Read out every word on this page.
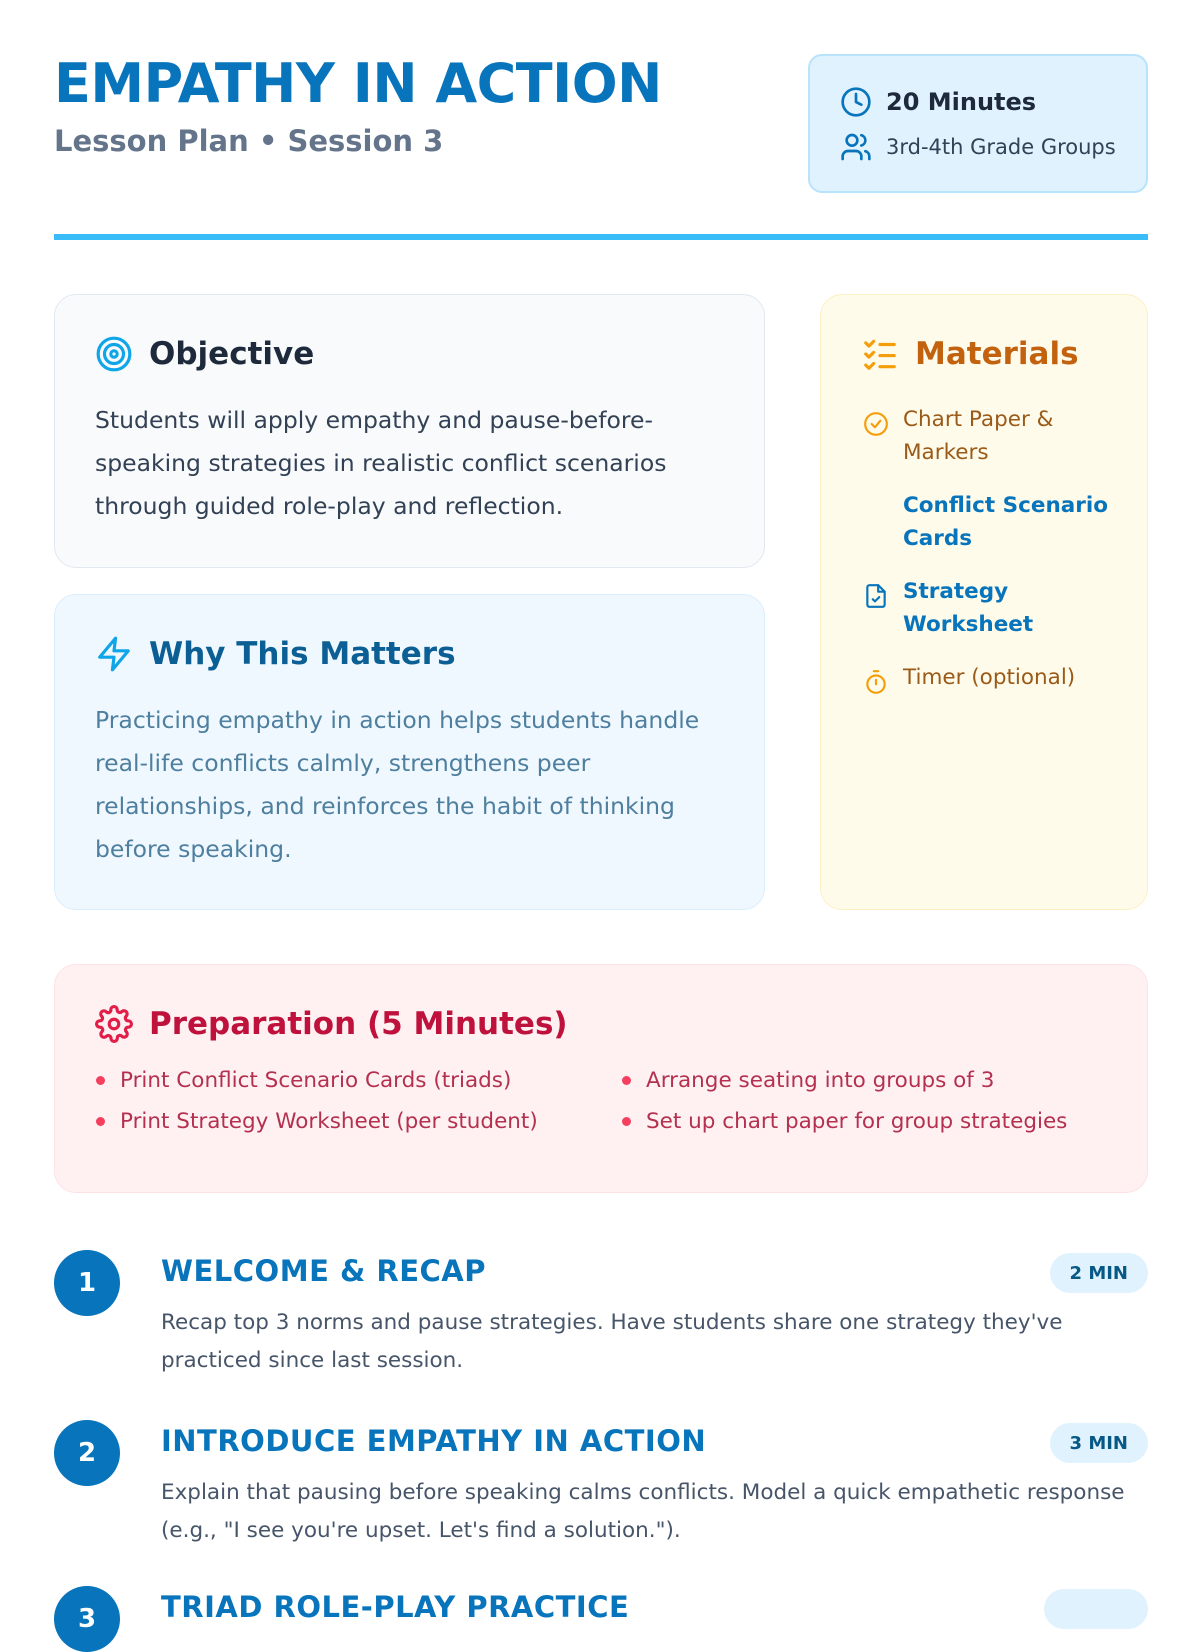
EMPATHY IN ACTION
Lesson Plan • Session 3
20 Minutes
3rd-4th Grade Groups
Objective
Students will apply empathy and pause-before-speaking strategies in realistic conflict scenarios through guided role-play and reflection.
Why This Matters
Practicing empathy in action helps students handle real-life conflicts calmly, strengthens peer relationships, and reinforces the habit of thinking before speaking.
Materials
Chart Paper & Markers
Conflict Scenario Cards
Strategy Worksheet
Timer (optional)
Preparation (5 Minutes)
Print Conflict Scenario Cards (triads)	Arrange seating into groups of 3
Print Strategy Worksheet (per student)	Set up chart paper for group strategies
1	WELCOME & RECAP	2 MIN
Recap top 3 norms and pause strategies. Have students share one strategy they've practiced since last session.
2	INTRODUCE EMPATHY IN ACTION	3 MIN
Explain that pausing before speaking calms conflicts. Model a quick empathetic response (e.g., "I see you're upset. Let's find a solution.").
3	TRIAD ROLE-PLAY PRACTICE
